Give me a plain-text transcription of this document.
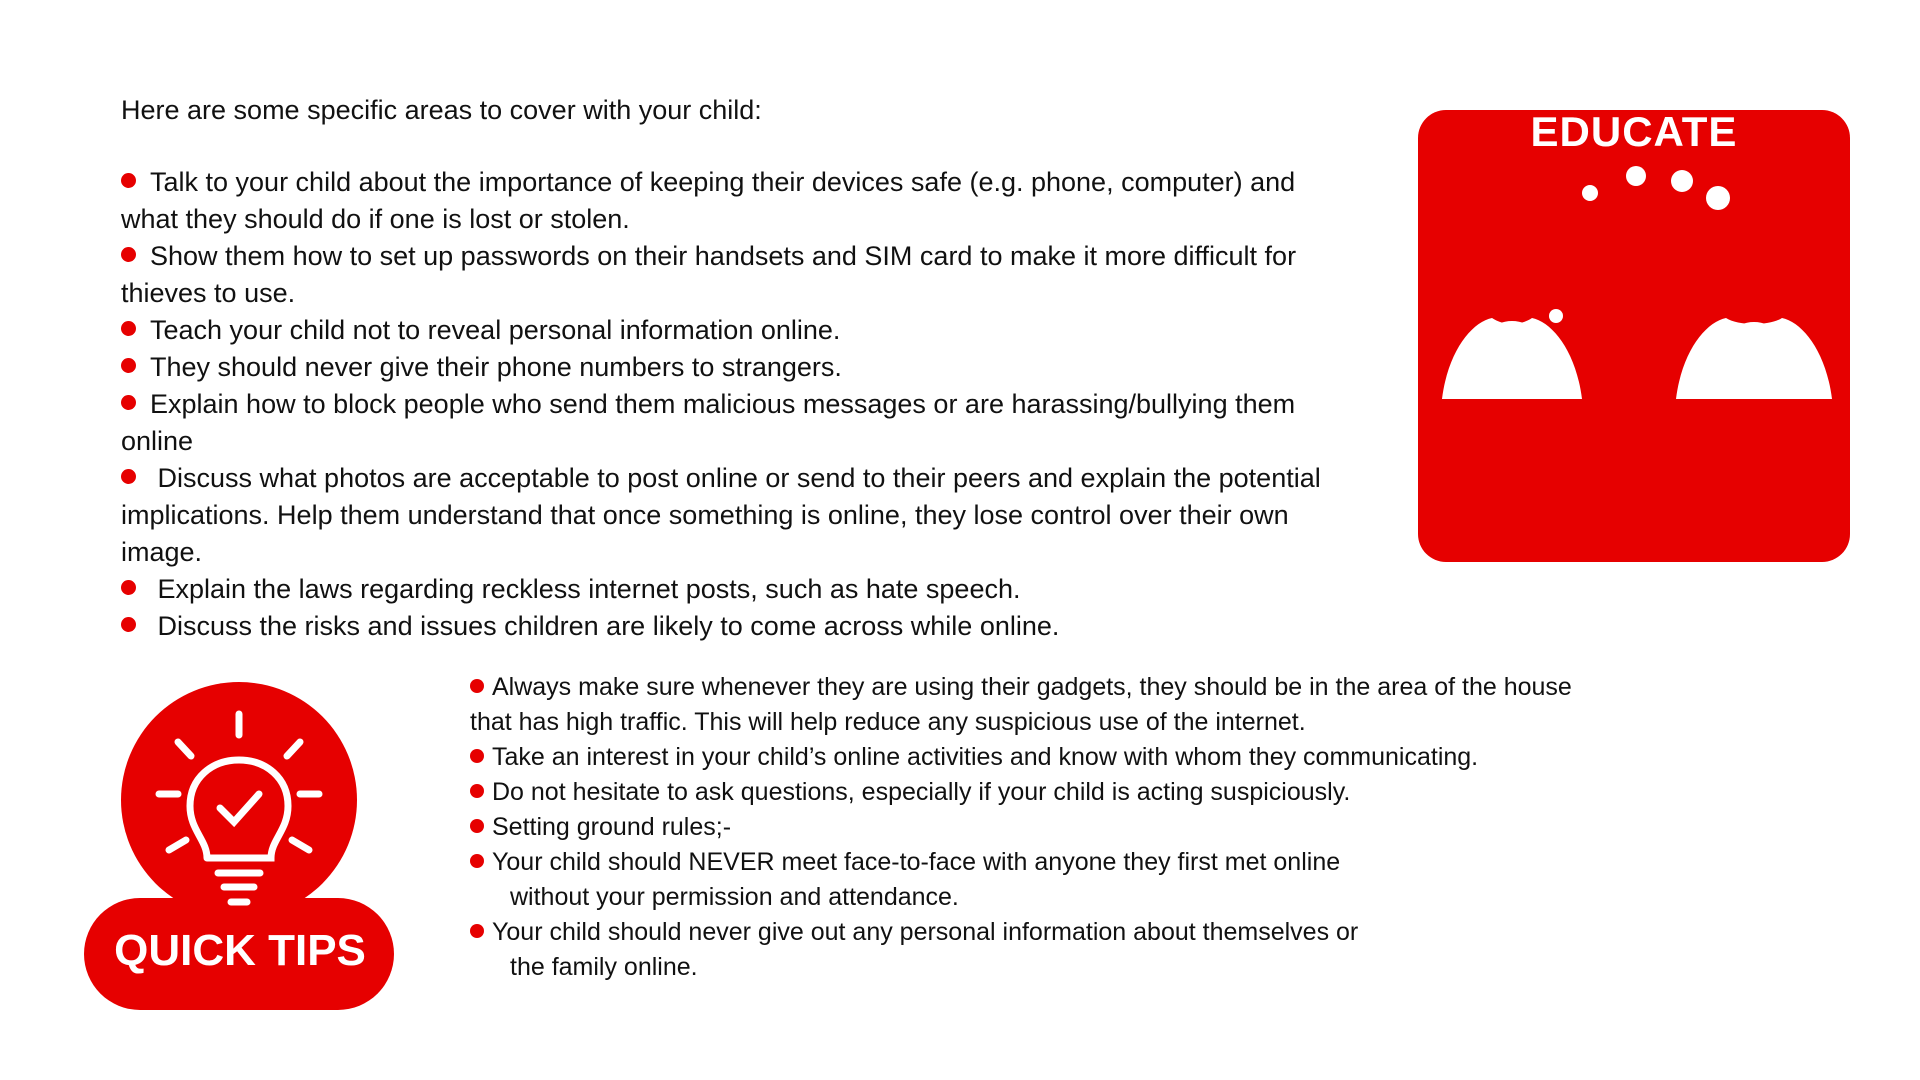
Here are some specific areas to cover with your child:

Talk to your child about the importance of keeping their devices safe (e.g. phone, computer) and
what they should do if one is lost or stolen.
Show them how to set up passwords on their handsets and SIM card to make it more difficult for
thieves to use.
Teach your child not to reveal personal information online.
They should never give their phone numbers to strangers.
Explain how to block people who send them malicious messages or are harassing/bullying them
online
Discuss what photos are acceptable to post online or send to their peers and explain the potential
implications. Help them understand that once something is online, they lose control over their own
image.
Explain the laws regarding reckless internet posts, such as hate speech.
Discuss the risks and issues children are likely to come across while online.
EDUCATE
QUICK TIPS
Always make sure whenever they are using their gadgets, they should be in the area of the house
that has high traffic. This will help reduce any suspicious use of the internet.
Take an interest in your child’s online activities and know with whom they communicating.
Do not hesitate to ask questions, especially if your child is acting suspiciously.
Setting ground rules;-
Your child should NEVER meet face-to-face with anyone they first met online
without your permission and attendance.
Your child should never give out any personal information about themselves or
the family online.
